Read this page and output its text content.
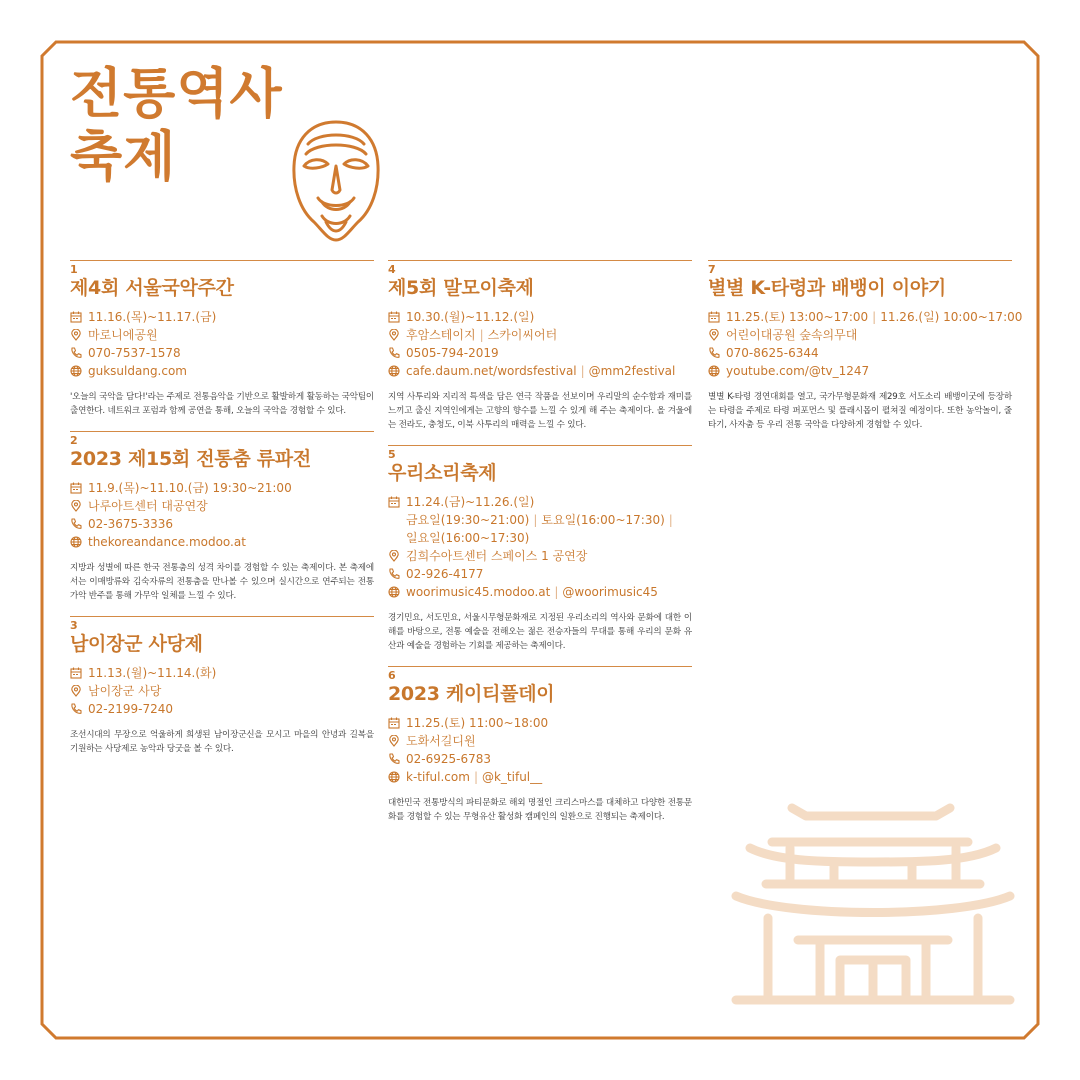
전통역사
축제
1
제4회 서울국악주간
11.16.(목)~11.17.(금)
마로니에공원
070-7537-1578
guksuldang.com

'오늘의 국악을 담다!'라는 주제로 전통음악을 기반으로 활발하게 활동하는 국악팀이 출연한다. 네트워크 포럼과 함께 공연을 통해, 오늘의 국악을 경험할 수 있다.

2
2023 제15회 전통춤 류파전
11.9.(목)~11.10.(금) 19:30~21:00
나루아트센터 대공연장
02-3675-3336
thekoreandance.modoo.at

지방과 성별에 따른 한국 전통춤의 성격 차이를 경험할 수 있는 축제이다. 본 축제에서는 이매방류와 김숙자류의 전통춤을 만나볼 수 있으며 실시간으로 연주되는 전통가악 반주를 통해 가무악 일체를 느낄 수 있다.

3
남이장군 사당제
11.13.(월)~11.14.(화)
남이장군 사당
02-2199-7240

조선시대의 무장으로 억울하게 희생된 남이장군신을 모시고 마을의 안녕과 길복을 기원하는 사당제로 농악과 당굿을 볼 수 있다.

4
제5회 말모이축제
10.30.(월)~11.12.(일)
후암스테이지 | 스카이씨어터
0505-794-2019
cafe.daum.net/wordsfestival | @mm2festival

지역 사투리와 지리적 특색을 담은 연극 작품을 선보이며 우리말의 순수함과 재미를 느끼고 출신 지역인에게는 고향의 향수를 느낄 수 있게 해 주는 축제이다. 올 겨울에는 전라도, 충청도, 이북 사투리의 매력을 느낄 수 있다.

5
우리소리축제
11.24.(금)~11.26.(일)
금요일(19:30~21:00) | 토요일(16:00~17:30) |
일요일(16:00~17:30)
김희수아트센터 스페이스 1 공연장
02-926-4177
woorimusic45.modoo.at | @woorimusic45

경기민요, 서도민요, 서울시무형문화재로 지정된 우리소리의 역사와 문화에 대한 이해를 바탕으로, 전통 예술을 전해오는 젊은 전승자들의 무대를 통해 우리의 문화 유산과 예술을 경험하는 기회를 제공하는 축제이다.

6
2023 케이티풀데이
11.25.(토) 11:00~18:00
도화서길디원
02-6925-6783
k-tiful.com | @k_tiful__

대한민국 전통방식의 파티문화로 해외 명절인 크리스마스를 대체하고 다양한 전통문화를 경험할 수 있는 무형유산 활성화 캠페인의 일환으로 진행되는 축제이다.

7
별별 K-타령과 배뱅이 이야기
11.25.(토) 13:00~17:00 | 11.26.(일) 10:00~17:00
어린이대공원 숲속의무대
070-8625-6344
youtube.com/@tv_1247

별별 K-타령 경연대회를 열고, 국가무형문화재 제29호 서도소리 배뱅이굿에 등장하는 타령을 주제로 타령 퍼포먼스 및 플래시몹이 펼쳐질 예정이다. 또한 농악놀이, 줄타기, 사자춤 등 우리 전통 국악을 다양하게 경험할 수 있다.
